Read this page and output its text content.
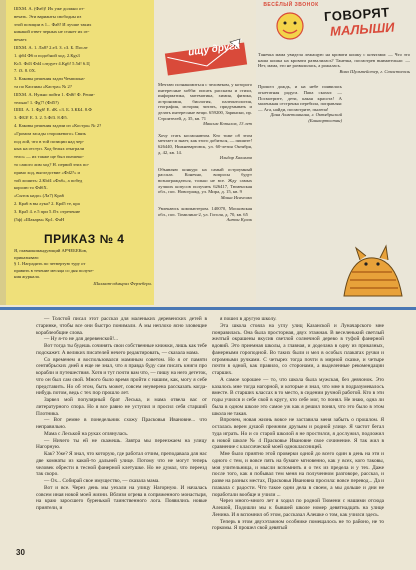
ШХМ. А. (Фаб)! Их уже должно от-
вечать. Эти варианты свободны из
этой позиции в 1... Фа8! И лучше таких
никакой ответ черных не станет их от-
вечает.
ШХМ. А. 1. Ла8? 2.еЗ. З. сЗ. Б. После
1. фб4 Ф6 и подобной ход. 2.Кgs3
Кс5. Фd3 Фd4 следует 4.Кg6! 5.5d! 6.Ц
7. f3. 8. 0X.
3. Каковы решения задач Чемпиона-
та по Каспиан «Кастра» № 2?
ШХМ. А. Нужно пойти 1. Фd6! Ф. Реши-
тельно! 1. Фg7! (Фd5?)
ШШ. А. 1. Фg6! Е. dК. c3. Б. 3.КБ4. 8.Ф
3. ФБЗ! Е. 3. 2. 5.Фf3. 8.Ф5.
4. Каковы решения задачи из «Костра» № 2?
«Громом засады сторожевого» Связь
под лой, что в той позиции над чер-
ных на отступ. Ход белых отыграли
тело» — их также ще был пьешеко-
то самого лим ход? Н. первой этих по-
прямо ход, выгледствие «Фd2?» и
той лошить: 2.Кbf4 «Фаб», а побед
королю то ФdбХ.
«Сыток надо» (Ла7) Кра6
2. Кра6 в вы лука? 2. Крd5 те, кра
3. Кра5 4. е.5 при 5.f5т. отречение
(5ф) «Шакарм» Кр1. ФаН
ПРИКАЗ № 4
Я, главнокомандующий АРЧЕБЕКов,
приказываю:
§ 1. Наградить по четвертую туру от
править в течение месяца со дня получе-
ния журнала.
Шахмат-адмирал Ферзебери.
ищу друга
Мечтаю познакомиться с человеком, у которого интересные хобби: писать рассказы и стихи, информатика, математика, химия, физика, астрономия, биология, палеонтология, география, история; читать, придумывать и делать интересные вещи. 659200, Зарински, пр. Строителей, д. 35, кв. 71
Максим Копылов, 13 лет
Хочу стать космонавтом. Кто тоже об этом мечтает и знает, как этого добиться, — пишите! 626440, Нижневартовск, ул. 60-летия Октября, д. 42, кв. 14.
Ильдар Хакимов
Объявляю конкурс на самый остроумный рассказ. Конечно, вопросы будут вознаграждаться, только не все. Жду самых лучших копусов получить 626417, Тюменская обл., пос. Новогражд, ул. Мира, д. 15, кв. 9
Маша Исаченко
Увлекаюсь компьютером. 140070, Московская обл., пос. Томилино-2, ул. Гоголя, д. 70, кв. 65
Антон Кулак
ВЕСЁЛЫЙ ЗВОНОК ГОВОРЯТ
МАЛЫШИ
Танечка мама увидела лежащую на кровати кошку с котятами: — Что это наша кошка на кровати развалилась? Танечка, посмотрев внимательно: — Нет, мама, это не развалилась, а рожалась.
Вова Шультейстер, г. Севастополь
Прошел дождь, и на небе появилась огнетатная радуга. Папа сказал: — Посмотрите, дети, какая красота! А маленькая сестренка перебила, поправляя: — Ага, найди, посмотрите, пылепа!
Даня Ахметшанина, г. Октябрьский (Башкортостан)

— Толстой писал этот рассказ для маленьких деревенских детей в старинке, чтобы все они быстро понимали. А мы неплохо ясно зловещие кораблеобщие слова.

— Ну я-то не для деревенской!...

Вот тогда ты будешь сочинять свои собственные книжки, лишь как тебе подскажет. А великих писателей нечего редактировать, — сказала мама.

Со временем я воспользовался маминым советом. Но я от памяти сентябрьских дней я еще не знал, что я правда буду сам писать книги про корабли и путешествия. Хотя и тут почти вам что, — пишу на него дететок, что он был сам свой. Много было время пройти с нашим, как, могу я себе представить. Но об этом, быть может, совсем неуверена рассказать когда-нибудь потом, ведь с тех пор прошло лет.

Зарвел мой популярный брат Леська, и мама отвела вас от литературного спора. Но я все равно не уступил и просил себя старший Плотника.

— Вот ремне в понедельник схожу Прасковья Ивановне... что неправильно.

Мама с Леськой на руках оглянулась.

— Ничего ты ей не скажешь. Завтра мы переезжаем на улицу Нагорную.

Как? Уже? Я знал, что которую, где работал отчим, преподавала для нас две комнаты из какой-то дальней улице. Потому что не могут теперь человек обрести в тесной фанерной клетушке. Но не думал, что переезд так скоро.

— Ох... Собирай свое имущество, — сказала мама.

Вот и все. Через день мы уехали на улицу Нагорную. И началась совсем иная новой моей жизни. Вблизи огрева в сопряженного монастыря, на краю заросшего буренькой таинственного лога. Появились новые приятели, и

я пошел в другую школу.

Эта школа стояла на углу улиц Казанской и Луначарского мне понравилась. Она была просторная, двух этажная. В веселенький светлый желтый окрашены вкусив светлой солнечной дерево в туфой фанерной вдовий. Это приемная школы, а главная, и доделана в одну из приказных, фанерными гороподной. Во таких были и мел в особых плакатах ручки и огромными ручками. С четырех тогда почти в мирной сказке, и четыре почти в одной, как правило, со сторонами, а выделенные рекомендации старших.

А самое хорошее — то, что школа была мужская, без девчонок. Это казалось мне тогда нагорной, и которые я знал, что мне в подразумевалось вместе. В старших классах в то место, в сидении ручной работой. Кто в эти годы учился и себе свой в кругу, кто себе мог, то понял. Не знаю, одна ли была в одном школе это самое уж как я решил понял, что это было в этом школа не такая.

Впрочем, новая жизнь вовсе не заставила меня забыть о прошлом. Я осталась верен душой прежним друзьям и родной улице. Я частот бегал туда играть. Но и со старой школой я не простился, я дослужил, подложил в новой школе № 4 Прасковье Ивановне свое сочинение. Я так жил в сравнение с классической моей одноклассницей.

Мне было приятно этой проверки одной до всего один в день на эти и одного с тем, и вовсе пять на бумаге мгновенно, как у всех, кого таковы, моя учительница, и мысли вспомнить я о тех из предела и у тех. Даже после того, как я побывал тем меня на полученном разговоре, рассказ, и разве на разных местах, Прасковья Ивановна просила: вовсе перевод... Да и плакала с радости. Что такое одни дела в своем, а мы дольше и дни не поработали вообще и учили ...

Через много-много лет я ходил по родной Тюмени с нашими отсюда Алешой, Подошли мы к бывшей школе номер девятнадцать на улице Ленина. И я вспомнил об этом, рассказал Алешке о том, как учился здесь.

Теперь в этом двухэтажном особнике помещалось не то районо, не то горкомы. Я прошел свой девятый

30
